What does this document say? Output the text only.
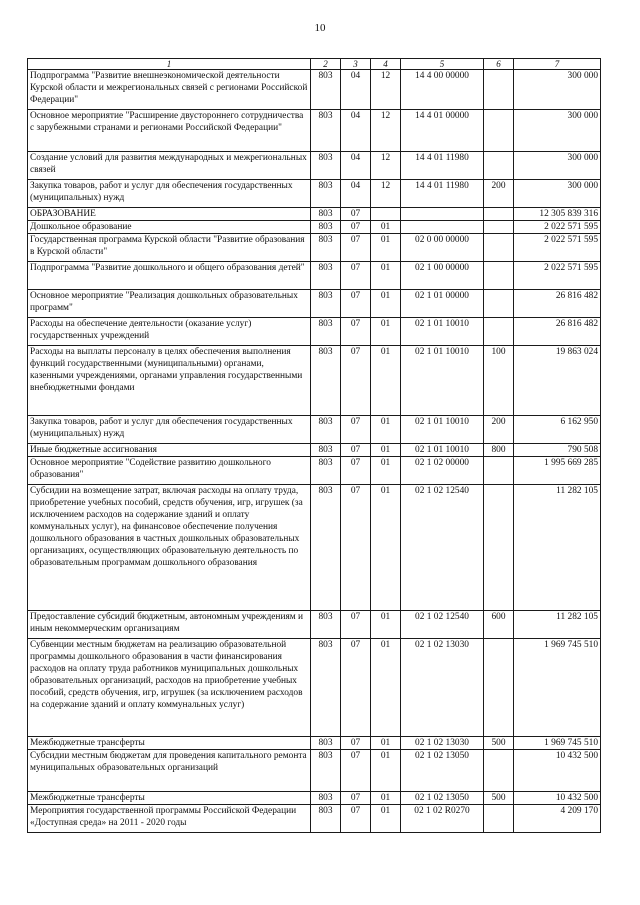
10
1	2	3	4	5	6	7
Подпрограмма "Развитие внешнеэкономической деятельности Курской области и межрегиональных связей с регионами Российской Федерации"	803	04	12	14 4 00 00000		300 000
Основное мероприятие "Расширение двустороннего сотрудничества с зарубежными странами и регионами Российской Федерации"	803	04	12	14 4 01 00000		300 000
Создание условий для развития международных и межрегиональных связей	803	04	12	14 4 01 11980		300 000
Закупка товаров, работ и услуг для обеспечения государственных (муниципальных) нужд	803	04	12	14 4 01 11980	200	300 000
ОБРАЗОВАНИЕ	803	07				12 305 839 316
Дошкольное образование	803	07	01			2 022 571 595
Государственная программа Курской области "Развитие образования в Курской области"	803	07	01	02 0 00 00000		2 022 571 595
Подпрограмма "Развитие дошкольного и общего образования детей"	803	07	01	02 1 00 00000		2 022 571 595
Основное мероприятие "Реализация дошкольных образовательных программ"	803	07	01	02 1 01 00000		26 816 482
Расходы на обеспечение деятельности (оказание услуг) государственных учреждений	803	07	01	02 1 01 10010		26 816 482
Расходы на выплаты персоналу в целях обеспечения выполнения функций государственными (муниципальными) органами, казенными учреждениями, органами управления государственными внебюджетными фондами	803	07	01	02 1 01 10010	100	19 863 024
Закупка товаров, работ и услуг для обеспечения государственных (муниципальных) нужд	803	07	01	02 1 01 10010	200	6 162 950
Иные бюджетные ассигнования	803	07	01	02 1 01 10010	800	790 508
Основное мероприятие "Содействие развитию дошкольного образования"	803	07	01	02 1 02 00000		1 995 669 285
Субсидии на возмещение затрат, включая расходы на оплату труда, приобретение учебных пособий, средств обучения, игр, игрушек (за исключением расходов на содержание зданий и оплату коммунальных услуг), на финансовое обеспечение получения дошкольного образования в частных дошкольных образовательных организациях, осуществляющих образовательную деятельность по образовательным программам дошкольного образования	803	07	01	02 1 02 12540		11 282 105
Предоставление субсидий бюджетным, автономным учреждениям и иным некоммерческим организациям	803	07	01	02 1 02 12540	600	11 282 105
Субвенции местным бюджетам на реализацию образовательной программы дошкольного образования в части финансирования расходов на оплату труда работников муниципальных дошкольных образовательных организаций, расходов на приобретение учебных пособий, средств обучения, игр, игрушек (за исключением расходов на содержание зданий и оплату коммунальных услуг)	803	07	01	02 1 02 13030		1 969 745 510
Межбюджетные трансферты	803	07	01	02 1 02 13030	500	1 969 745 510
Субсидии местным бюджетам для проведения капитального ремонта муниципальных образовательных организаций	803	07	01	02 1 02 13050		10 432 500
Межбюджетные трансферты	803	07	01	02 1 02 13050	500	10 432 500
Мероприятия государственной программы Российской Федерации «Доступная среда» на 2011 - 2020 годы	803	07	01	02 1 02 R0270		4 209 170
